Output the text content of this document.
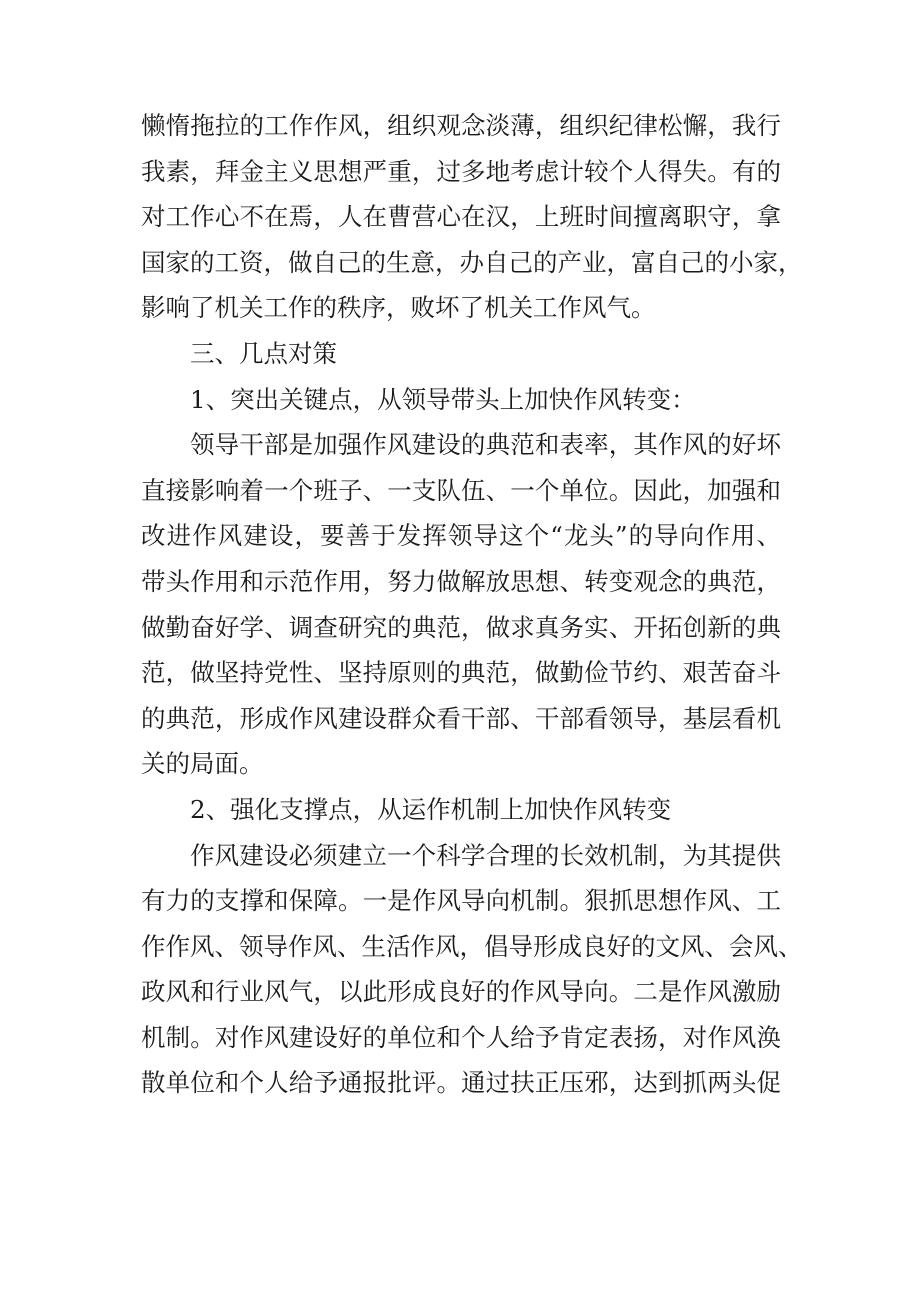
懒惰拖拉的工作作风，组织观念淡薄，组织纪律松懈，我行
我素，拜金主义思想严重，过多地考虑计较个人得失。有的
对工作心不在焉，人在曹营心在汉，上班时间擅离职守，拿
国家的工资，做自己的生意，办自己的产业，富自己的小家，
影响了机关工作的秩序，败坏了机关工作风气。
三、几点对策
1、突出关键点，从领导带头上加快作风转变：
领导干部是加强作风建设的典范和表率，其作风的好坏
直接影响着一个班子、一支队伍、一个单位。因此，加强和
改进作风建设，要善于发挥领导这个“龙头”的导向作用、
带头作用和示范作用，努力做解放思想、转变观念的典范，
做勤奋好学、调查研究的典范，做求真务实、开拓创新的典
范，做坚持党性、坚持原则的典范，做勤俭节约、艰苦奋斗
的典范，形成作风建设群众看干部、干部看领导，基层看机
关的局面。
2、强化支撑点，从运作机制上加快作风转变
作风建设必须建立一个科学合理的长效机制，为其提供
有力的支撑和保障。一是作风导向机制。狠抓思想作风、工
作作风、领导作风、生活作风，倡导形成良好的文风、会风、
政风和行业风气，以此形成良好的作风导向。二是作风激励
机制。对作风建设好的单位和个人给予肯定表扬，对作风涣
散单位和个人给予通报批评。通过扶正压邪，达到抓两头促
